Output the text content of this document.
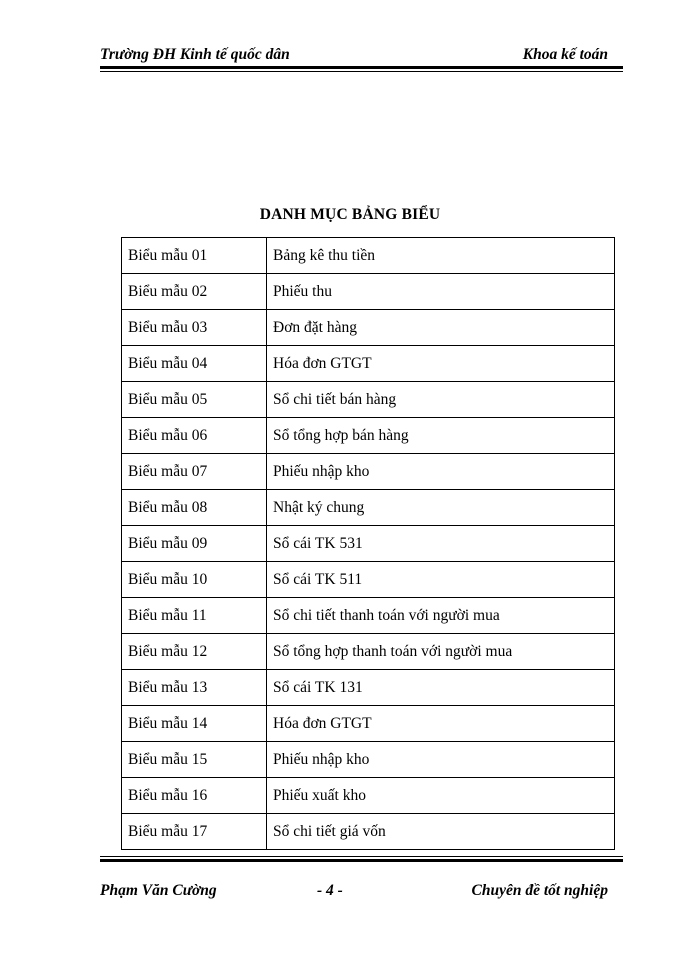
Trường ĐH Kinh tế quốc dân	Khoa kế toán
DANH MỤC BẢNG BIỂU
Biểu mẫu 01	Bảng kê thu tiền
Biểu mẫu 02	Phiếu thu
Biểu mẫu 03	Đơn đặt hàng
Biểu mẫu 04	Hóa đơn GTGT
Biểu mẫu 05	Sổ chi tiết bán hàng
Biểu mẫu 06	Sổ tổng hợp bán hàng
Biểu mẫu 07	Phiếu nhập kho
Biểu mẫu 08	Nhật ký chung
Biểu mẫu 09	Sổ cái TK 531
Biểu mẫu 10	Sổ cái TK 511
Biểu mẫu 11	Sổ chi tiết thanh toán với người mua
Biểu mẫu 12	Sổ tổng hợp thanh toán với người mua
Biểu mẫu 13	Sổ cái TK 131
Biểu mẫu 14	Hóa đơn GTGT
Biểu mẫu 15	Phiếu nhập kho
Biểu mẫu 16	Phiếu xuất kho
Biểu mẫu 17	Sổ chi tiết giá vốn
Phạm Văn Cường	- 4 -	Chuyên đề tốt nghiệp
